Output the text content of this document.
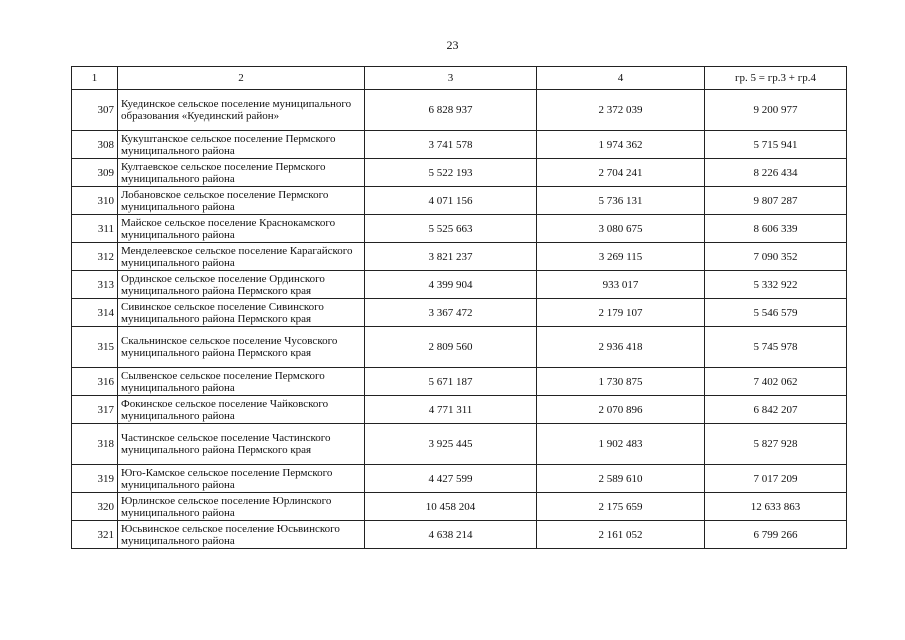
23
1	2	3	4	гр. 5 = гр.3 + гр.4
307	Куединское сельское поселение муниципального образования «Куединский район»	6 828 937	2 372 039	9 200 977
308	Кукуштанское сельское поселение Пермского муниципального района	3 741 578	1 974 362	5 715 941
309	Култаевское сельское поселение Пермского муниципального района	5 522 193	2 704 241	8 226 434
310	Лобановское сельское поселение Пермского муниципального района	4 071 156	5 736 131	9 807 287
311	Майское сельское поселение Краснокамского муниципального района	5 525 663	3 080 675	8 606 339
312	Менделеевское сельское поселение Карагайского муниципального района	3 821 237	3 269 115	7 090 352
313	Ординское сельское поселение Ординского муниципального района Пермского края	4 399 904	933 017	5 332 922
314	Сивинское сельское поселение Сивинского муниципального района Пермского края	3 367 472	2 179 107	5 546 579
315	Скальнинское сельское поселение Чусовского муниципального района Пермского края	2 809 560	2 936 418	5 745 978
316	Сылвенское сельское поселение Пермского муниципального района	5 671 187	1 730 875	7 402 062
317	Фокинское сельское поселение Чайковского муниципального района	4 771 311	2 070 896	6 842 207
318	Частинское сельское поселение Частинского муниципального района Пермского края	3 925 445	1 902 483	5 827 928
319	Юго-Камское сельское поселение Пермского муниципального района	4 427 599	2 589 610	7 017 209
320	Юрлинское сельское поселение Юрлинского муниципального района	10 458 204	2 175 659	12 633 863
321	Юсьвинское сельское поселение Юсьвинского муниципального района	4 638 214	2 161 052	6 799 266
